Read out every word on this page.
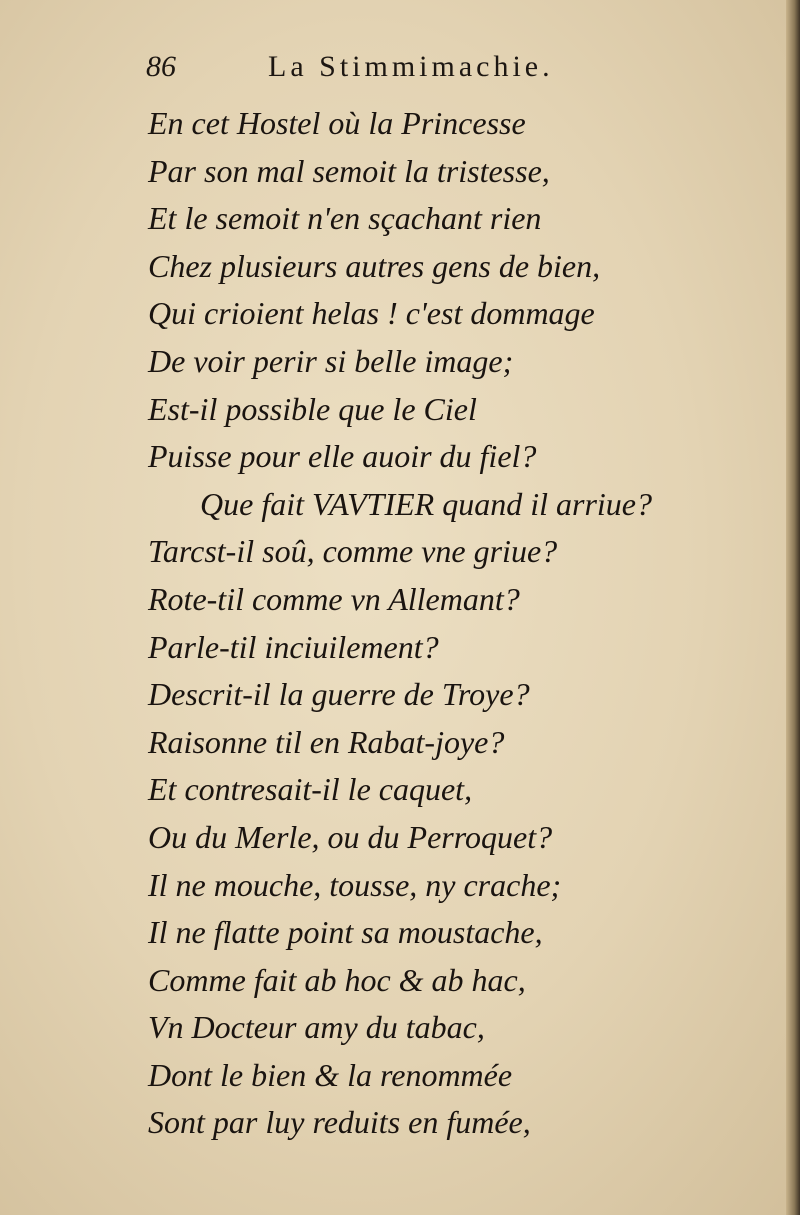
86	La Stimmimachie.
En cet Hostel où la Princesse
Par son mal semoit la tristesse,
Et le semoit n'en sçachant rien
Chez plusieurs autres gens de bien,
Qui crioient helas ! c'est dommage
De voir perir si belle image;
Est-il possible que le Ciel
Puisse pour elle auoir du fiel?
Que fait VAVTIER quand il arriue?
Tarcst-il soû, comme vne griue?
Rote-til comme vn Allemant?
Parle-til inciuilement?
Descrit-il la guerre de Troye?
Raisonne til en Rabat-joye?
Et contresait-il le caquet,
Ou du Merle, ou du Perroquet?
Il ne mouche, tousse, ny crache;
Il ne flatte point sa moustache,
Comme fait ab hoc & ab hac,
Vn Docteur amy du tabac,
Dont le bien & la renommée
Sont par luy reduits en fumée,
